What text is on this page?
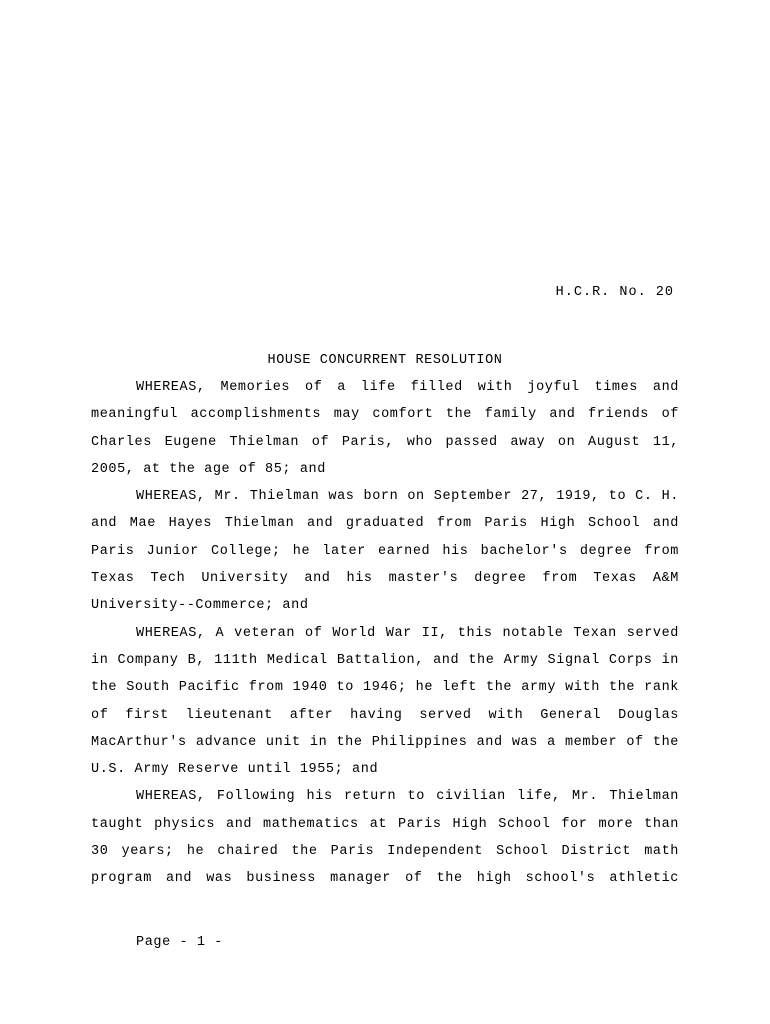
H.C.R. No. 20
HOUSE CONCURRENT RESOLUTION

WHEREAS, Memories of a life filled with joyful times and meaningful accomplishments may comfort the family and friends of Charles Eugene Thielman of Paris, who passed away on August 11, 2005, at the age of 85; and

WHEREAS, Mr. Thielman was born on September 27, 1919, to C. H. and Mae Hayes Thielman and graduated from Paris High School and Paris Junior College; he later earned his bachelor's degree from Texas Tech University and his master's degree from Texas A&M University--Commerce; and

WHEREAS, A veteran of World War II, this notable Texan served in Company B, 111th Medical Battalion, and the Army Signal Corps in the South Pacific from 1940 to 1946; he left the army with the rank of first lieutenant after having served with General Douglas MacArthur's advance unit in the Philippines and was a member of the U.S. Army Reserve until 1955; and

WHEREAS, Following his return to civilian life, Mr. Thielman taught physics and mathematics at Paris High School for more than 30 years; he chaired the Paris Independent School District math program and was business manager of the high school's athletic

Page - 1 -
